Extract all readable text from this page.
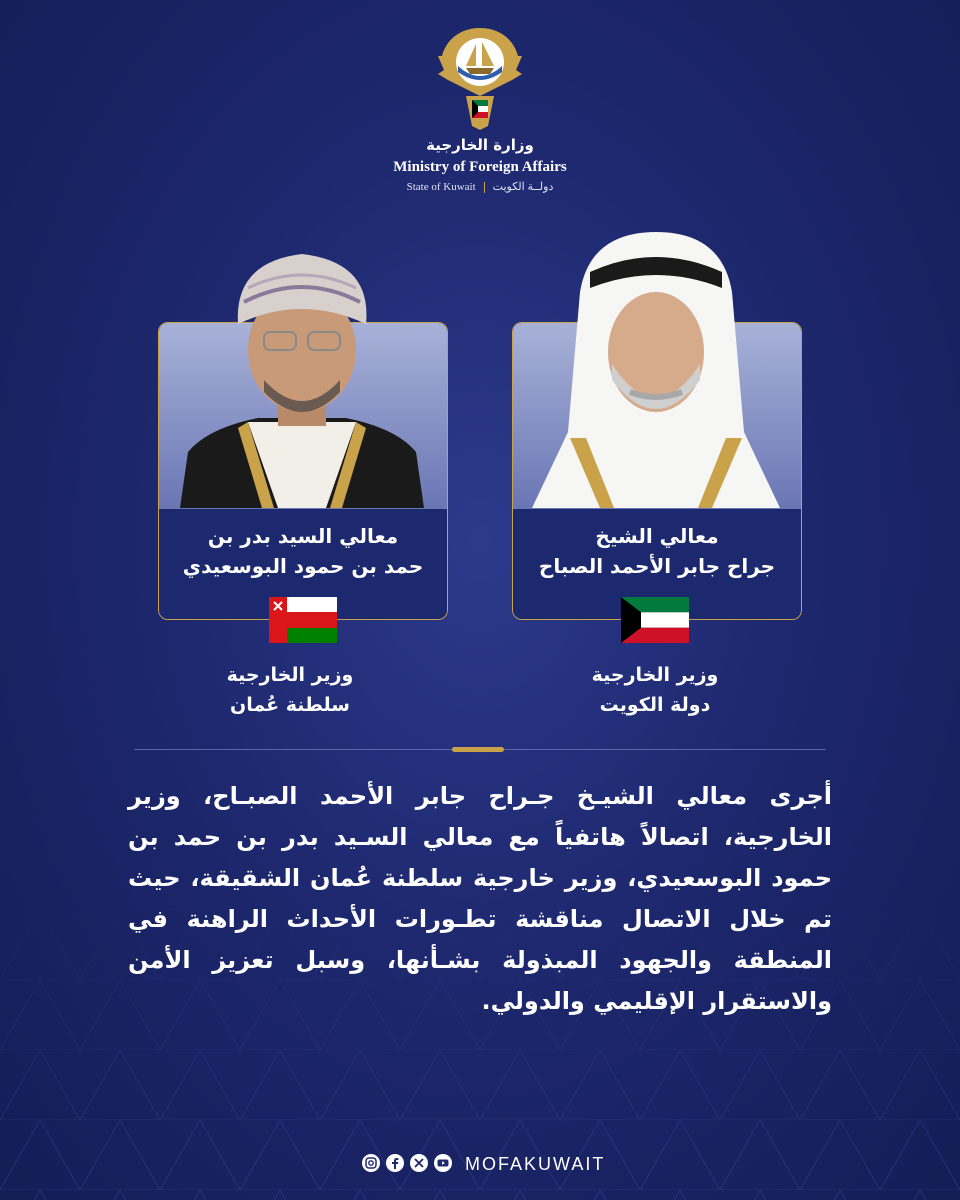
وزارة الخارجية
Ministry of Foreign Affairs
State of Kuwait دولــة الكويت
معالي السيد بدر بن
حمد بن حمود البوسعيدي
معالي الشيخ
جراح جابر الأحمد الصباح
وزير الخارجية
سلطنة عُمان
وزير الخارجية
دولة الكويت
أجرى معالي الشيـخ جـراح جابر الأحمد الصبـاح، وزير الخارجية، اتصالاً هاتفياً مع معالي السـيد بدر بن حمد بن حمود البوسعيدي، وزير خارجية سلطنة عُمان الشقيقة، حيث تم خلال الاتصال مناقشة تطـورات الأحداث الراهنة في المنطقة والجهود المبذولة بشـأنها، وسبل تعزيز الأمن والاستقرار الإقليمي والدولي.
MOFAKUWAIT
